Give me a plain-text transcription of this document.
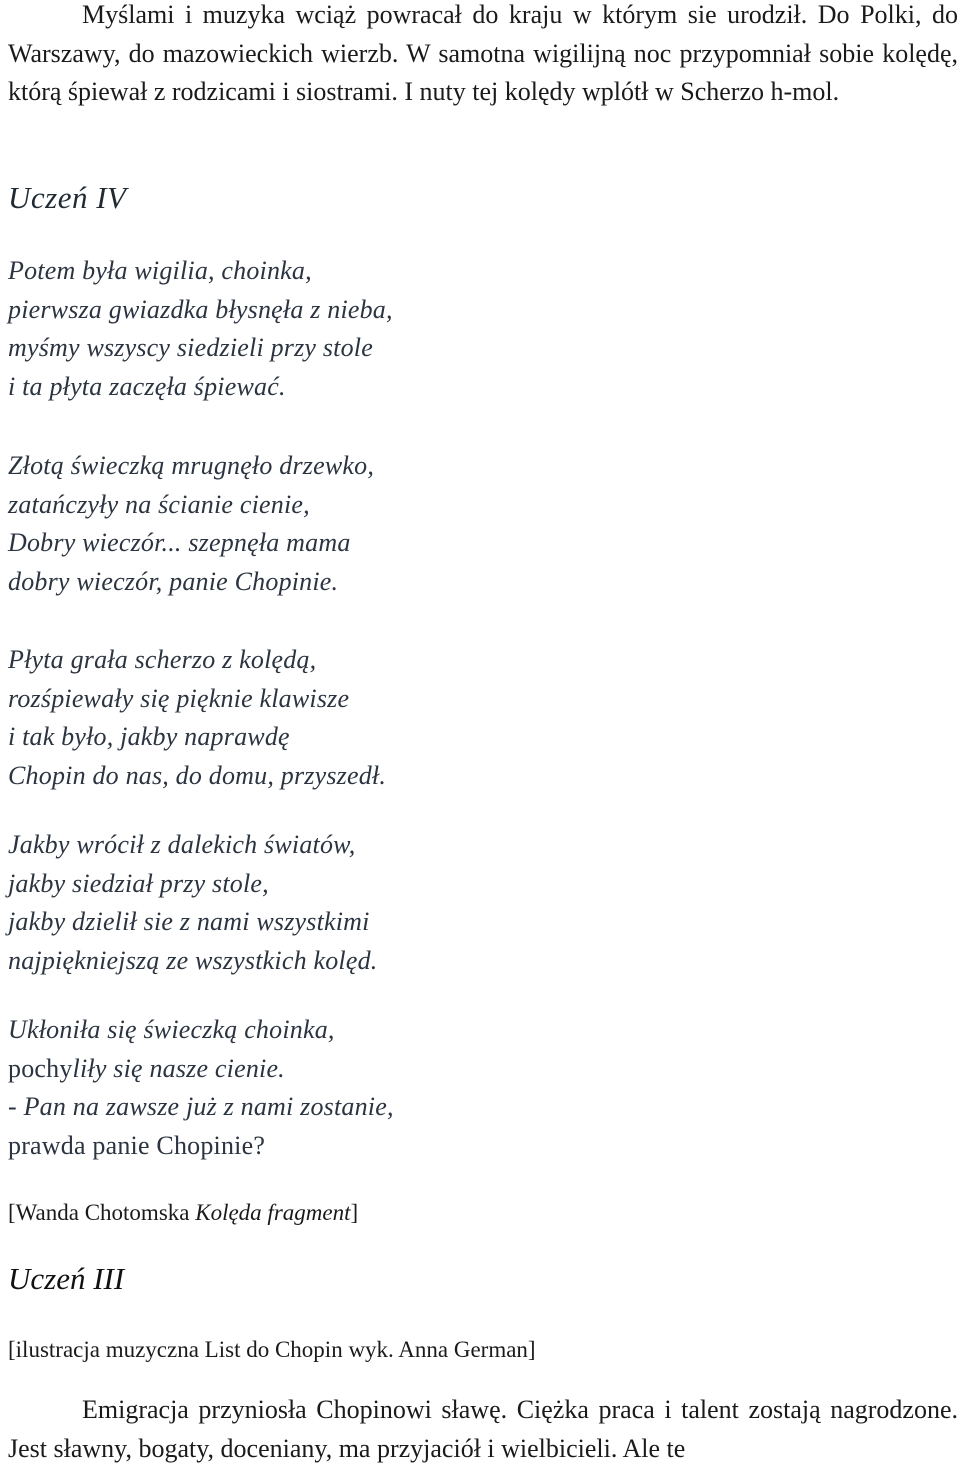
Myślami i muzyka wciąż powracał do kraju w którym sie urodził. Do Polki, do Warszawy, do mazowieckich wierzb. W samotna wigilijną noc przypomniał sobie kolędę, którą śpiewał z rodzicami i siostrami. I nuty tej kolędy wplótł w Scherzo h-mol.

Uczeń IV
Potem była wigilia, choinka,
pierwsza gwiazdka błysnęła z nieba,
myśmy wszyscy siedzieli przy stole
i ta płyta zaczęła śpiewać.
Złotą świeczką mrugnęło drzewko,
zatańczyły na ścianie cienie,
Dobry wieczór... szepnęła mama
dobry wieczór, panie Chopinie.
Płyta grała scherzo z kolędą,
rozśpiewały się pięknie klawisze
i tak było, jakby naprawdę
Chopin do nas, do domu, przyszedł.
Jakby wrócił z dalekich światów,
jakby siedział przy stole,
jakby dzielił sie z nami wszystkimi
najpiękniejszą ze wszystkich kolęd.
Ukłoniła się świeczką choinka,
pochyliły się nasze cienie.
- Pan na zawsze już z nami zostanie,
prawda panie Chopinie?

[Wanda Chotomska Kolęda fragment]

Uczeń III

[ilustracja muzyczna List do Chopin wyk. Anna German]

Emigracja przyniosła Chopinowi sławę. Ciężka praca i talent zostają nagrodzone. Jest sławny, bogaty, doceniany, ma przyjaciół i wielbicieli. Ale te
